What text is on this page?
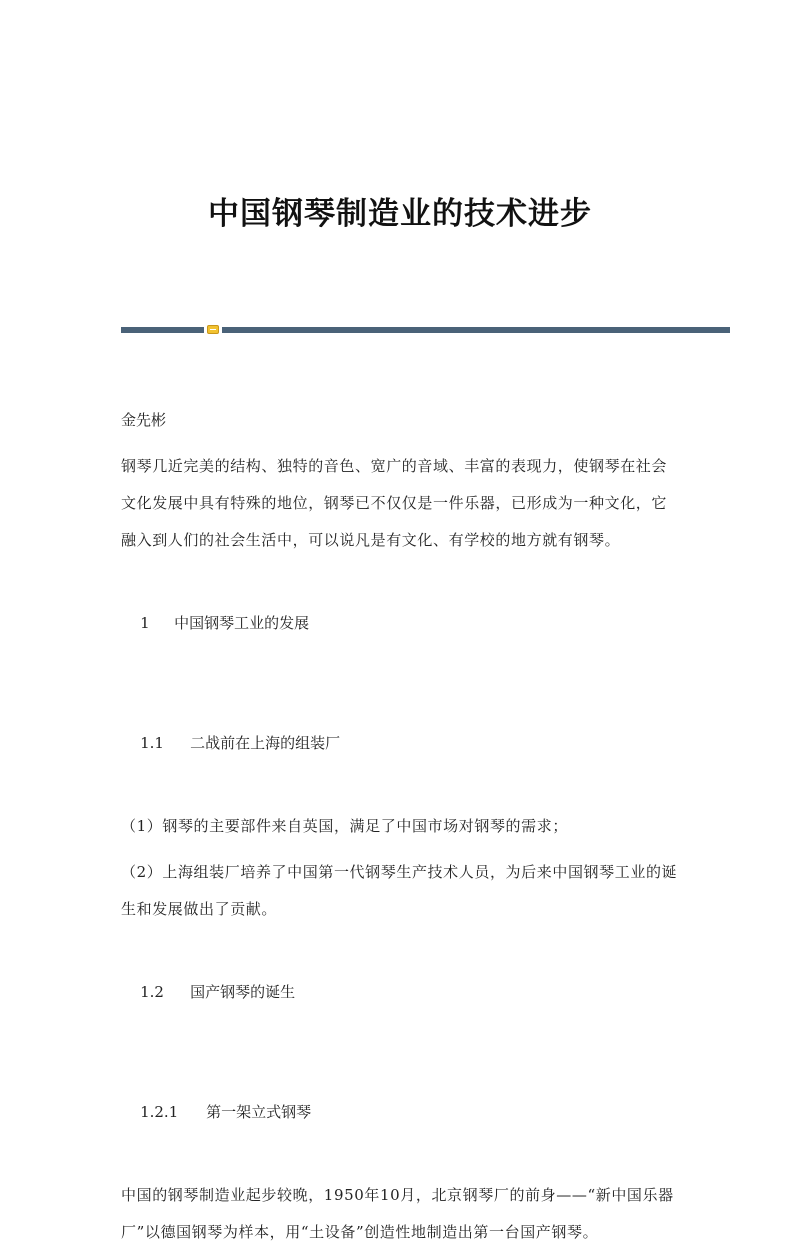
中国钢琴制造业的技术进步
金先彬

钢琴几近完美的结构、独特的音色、宽广的音域、丰富的表现力，使钢琴在社会文化发展中具有特殊的地位，钢琴已不仅仅是一件乐器，已形成为一种文化，它融入到人们的社会生活中，可以说凡是有文化、有学校的地方就有钢琴。

1 中国钢琴工业的发展

1.1 二战前在上海的组装厂

（1）钢琴的主要部件来自英国，满足了中国市场对钢琴的需求；

（2）上海组装厂培养了中国第一代钢琴生产技术人员，为后来中国钢琴工业的诞生和发展做出了贡献。

1.2 国产钢琴的诞生

1.2.1 第一架立式钢琴

中国的钢琴制造业起步较晚，1950年10月，北京钢琴厂的前身——“新中国乐器厂”以德国钢琴为样本，用“土设备”创造性地制造出第一台国产钢琴。
